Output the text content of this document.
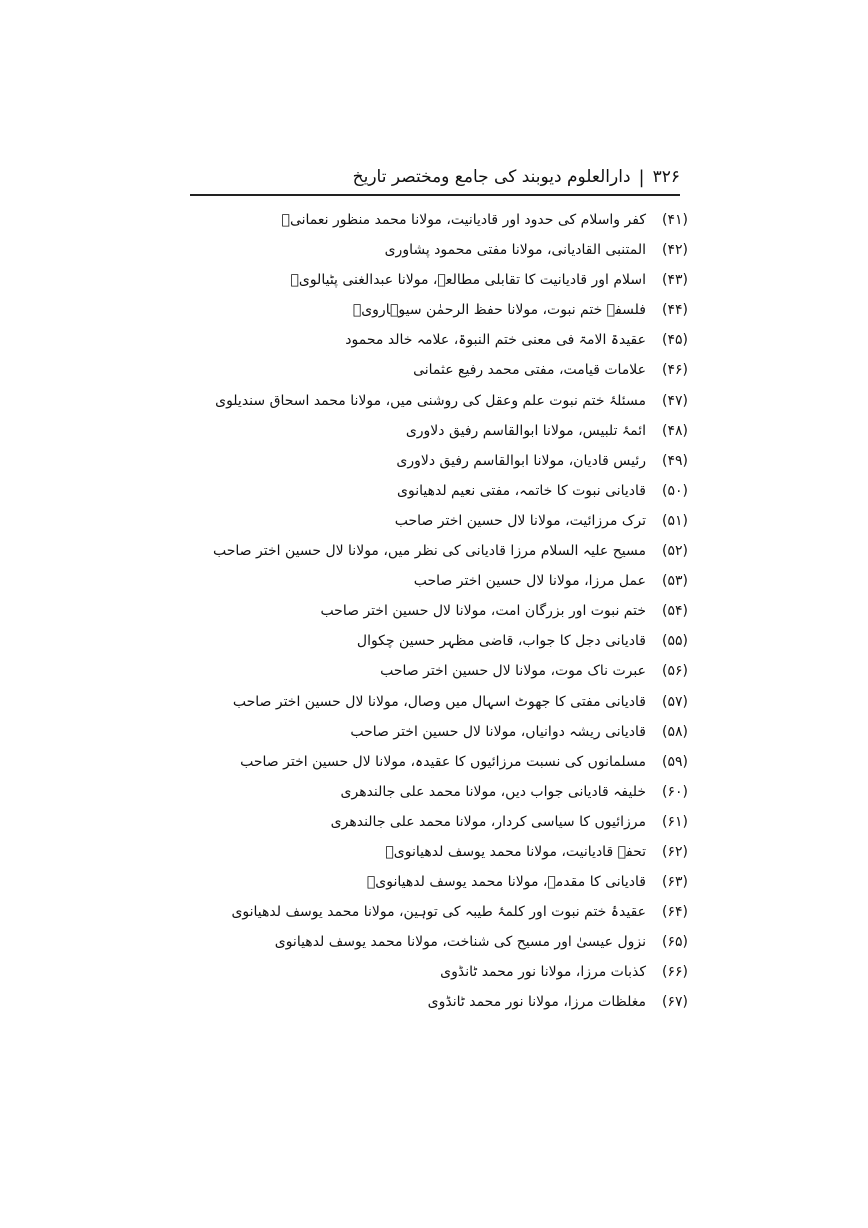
۳۲۶
|
دارالعلوم دیوبند کی جامع ومختصر تاریخ
(۴۱)
کفر واسلام کی حدود اور قادیانیت، مولانا محمد منظور نعمانیؒ
(۴۲)
المتنبی القادیانی، مولانا مفتی محمود پشاوری
(۴۳)
اسلام اور قادیانیت کا تقابلی مطالعہ، مولانا عبدالغنی پٹیالویؒ
(۴۴)
فلسفۂ ختم نبوت، مولانا حفظ الرحمٰن سیوہارویؒ
(۴۵)
عقیدۃ الامۃ فی معنی ختم النبوۃ، علامہ خالد محمود
(۴۶)
علامات قیامت، مفتی محمد رفیع عثمانی
(۴۷)
مسئلۂ ختم نبوت علم وعقل کی روشنی میں، مولانا محمد اسحاق سندیلوی
(۴۸)
ائمۂ تلبیس، مولانا ابوالقاسم رفیق دلاوری
(۴۹)
رئیس قادیان، مولانا ابوالقاسم رفیق دلاوری
(۵۰)
قادیانی نبوت کا خاتمہ، مفتی نعیم لدھیانوی
(۵۱)
ترک مرزائیت، مولانا لال حسین اختر صاحب
(۵۲)
مسیح علیہ السلام مرزا قادیانی کی نظر میں، مولانا لال حسین اختر صاحب
(۵۳)
عمل مرزا، مولانا لال حسین اختر صاحب
(۵۴)
ختم نبوت اور بزرگان امت، مولانا لال حسین اختر صاحب
(۵۵)
قادیانی دجل کا جواب، قاضی مظہر حسین چکوال
(۵۶)
عبرت ناک موت، مولانا لال حسین اختر صاحب
(۵۷)
قادیانی مفتی کا جھوٹ اسہال میں وصال، مولانا لال حسین اختر صاحب
(۵۸)
قادیانی ریشہ دوانیاں، مولانا لال حسین اختر صاحب
(۵۹)
مسلمانوں کی نسبت مرزائیوں کا عقیدہ، مولانا لال حسین اختر صاحب
(۶۰)
خلیفہ قادیانی جواب دیں، مولانا محمد علی جالندھری
(۶۱)
مرزائیوں کا سیاسی کردار، مولانا محمد علی جالندھری
(۶۲)
تحفہ قادیانیت، مولانا محمد یوسف لدھیانویؒ
(۶۳)
قادیانی کا مقدمہ، مولانا محمد یوسف لدھیانویؒ
(۶۴)
عقیدۂ ختم نبوت اور کلمۂ طیبہ کی توہین، مولانا محمد یوسف لدھیانوی
(۶۵)
نزول عیسیٰ اور مسیح کی شناخت، مولانا محمد یوسف لدھیانوی
(۶۶)
کذبات مرزا، مولانا نور محمد ٹانڈوی
(۶۷)
مغلظات مرزا، مولانا نور محمد ٹانڈوی
